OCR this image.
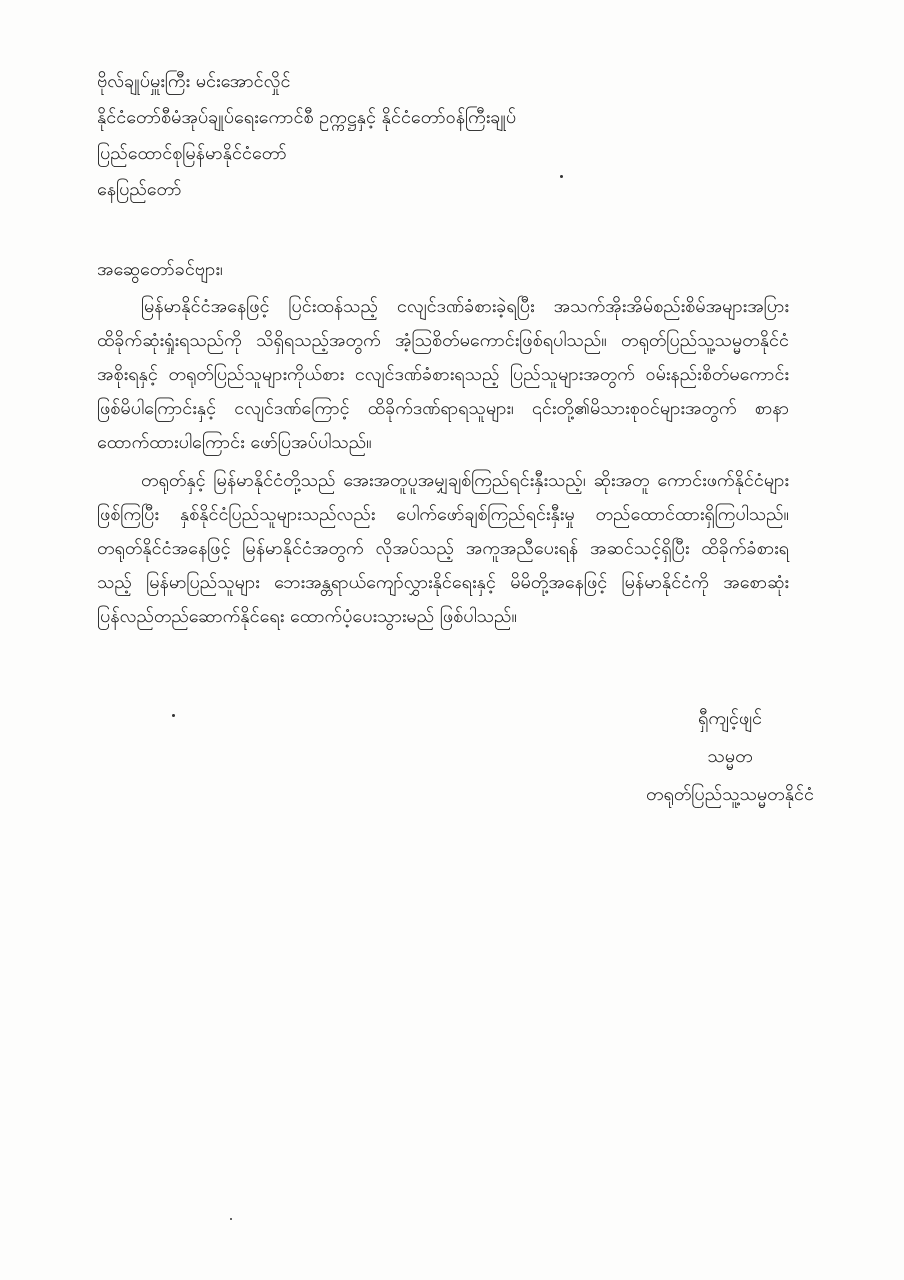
ဗိုလ်ချုပ်မှူးကြီး မင်းအောင်လှိုင်
နိုင်ငံတော်စီမံအုပ်ချုပ်ရေးကောင်စီ ဥက္ကဋ္ဌနှင့် နိုင်ငံတော်ဝန်ကြီးချုပ်
ပြည်ထောင်စုမြန်မာနိုင်ငံတော်
နေပြည်တော်
အဆွေတော်ခင်ဗျား၊

မြန်မာနိုင်ငံအနေဖြင့် ပြင်းထန်သည့် ငလျင်ဒဏ်ခံစားခဲ့ရပြီး အသက်အိုးအိမ်စည်းစိမ်အများအပြား ထိခိုက်ဆုံးရှုံးရသည်ကို သိရှိရသည့်အတွက် အံ့သြစိတ်မကောင်းဖြစ်ရပါသည်။ တရုတ်ပြည်သူ့သမ္မတနိုင်ငံအစိုးရနှင့် တရုတ်ပြည်သူများကိုယ်စား ငလျင်ဒဏ်ခံစားရသည့် ပြည်သူများအတွက် ဝမ်းနည်းစိတ်မကောင်းဖြစ်မိပါကြောင်းနှင့် ငလျင်ဒဏ်ကြောင့် ထိခိုက်ဒဏ်ရာရသူများ၊ ၎င်းတို့၏မိသားစုဝင်များအတွက် စာနာထောက်ထားပါကြောင်း ဖော်ပြအပ်ပါသည်။

တရုတ်နှင့် မြန်မာနိုင်ငံတို့သည် အေးအတူပူအမျှချစ်ကြည်ရင်းနှီးသည့်၊ ဆိုးအတူ ကောင်းဖက်နိုင်ငံများဖြစ်ကြပြီး နှစ်နိုင်ငံပြည်သူများသည်လည်း ပေါက်ဖော်ချစ်ကြည်ရင်းနှီးမှု တည်ထောင်ထားရှိကြပါသည်။ တရုတ်နိုင်ငံအနေဖြင့် မြန်မာနိုင်ငံအတွက် လိုအပ်သည့် အကူအညီပေးရန် အဆင်သင့်ရှိပြီး ထိခိုက်ခံစားရသည့် မြန်မာပြည်သူများ ဘေးအန္တရာယ်ကျော်လွှားနိုင်ရေးနှင့် မိမိတို့အနေဖြင့် မြန်မာနိုင်ငံကို အစောဆုံးပြန်လည်တည်ဆောက်နိုင်ရေး ထောက်ပံ့ပေးသွားမည် ဖြစ်ပါသည်။

ရှီကျင့်ဖျင်
သမ္မတ
တရုတ်ပြည်သူ့သမ္မတနိုင်ငံ
